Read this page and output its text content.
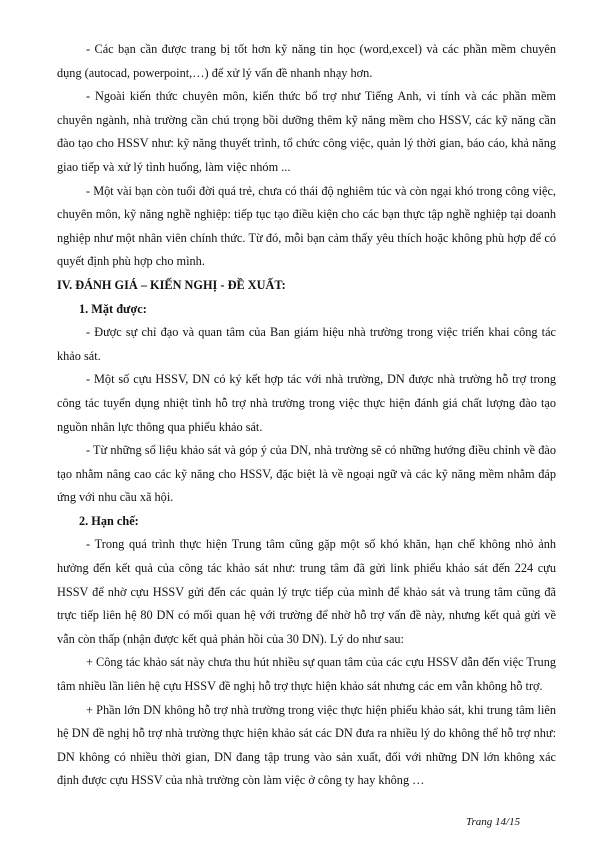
- Các bạn cần được trang bị tốt hơn kỹ năng tin học (word,excel) và các phần mềm chuyên dụng (autocad, powerpoint,…) để xử lý vấn đề nhanh nhạy hơn.

- Ngoài kiến thức chuyên môn, kiến thức bổ trợ như Tiếng Anh, vi tính và các phần mềm chuyên ngành, nhà trường cần chú trọng bồi dưỡng thêm kỹ năng mềm cho HSSV, các kỹ năng cần đào tạo cho HSSV như: kỹ năng thuyết trình, tổ chức công việc, quản lý thời gian, báo cáo, khả năng giao tiếp và xử lý tình huống, làm việc nhóm ...

- Một vài bạn còn tuổi đời quá trẻ, chưa có thái độ nghiêm túc và còn ngại khó trong công việc, chuyên môn, kỹ năng nghề nghiệp: tiếp tục tạo điều kiện cho các bạn thực tập nghề nghiệp tại doanh nghiệp như một nhân viên chính thức. Từ đó, mỗi bạn cảm thấy yêu thích hoặc không phù hợp để có quyết định phù hợp cho mình.

IV. ĐÁNH GIÁ – KIẾN NGHỊ - ĐỀ XUẤT:
1. Mặt được:

- Được sự chỉ đạo và quan tâm của Ban giám hiệu nhà trường trong việc triển khai công tác khảo sát.

- Một số cựu HSSV, DN có ký kết hợp tác với nhà trường, DN được nhà trường hỗ trợ trong công tác tuyển dụng nhiệt tình hỗ trợ nhà trường trong việc thực hiện đánh giá chất lượng đào tạo nguồn nhân lực thông qua phiếu khảo sát.

- Từ những số liệu khảo sát và góp ý của DN, nhà trường sẽ có những hướng điều chỉnh về đào tạo nhằm nâng cao các kỹ năng cho HSSV, đặc biệt là về ngoại ngữ và các kỹ năng mềm nhằm đáp ứng với nhu cầu xã hội.

2. Hạn chế:

- Trong quá trình thực hiện Trung tâm cũng gặp một số khó khăn, hạn chế không nhỏ ảnh hưởng đến kết quả của công tác khảo sát như: trung tâm đã gửi link phiếu khảo sát đến 224 cựu HSSV để nhờ cựu HSSV gửi đến các quản lý trực tiếp của mình để khảo sát và trung tâm cũng đã trực tiếp liên hệ 80 DN có mối quan hệ với trường để nhờ hỗ trợ vấn đề này, nhưng kết quả gửi về vẫn còn thấp (nhận được kết quả phản hồi của 30 DN). Lý do như sau:

+ Công tác khảo sát này chưa thu hút nhiều sự quan tâm của các cựu HSSV dẫn đến việc Trung tâm nhiều lần liên hệ cựu HSSV đề nghị hỗ trợ thực hiện khảo sát nhưng các em vẫn không hỗ trợ.

+ Phần lớn DN không hỗ trợ nhà trường trong việc thực hiện phiếu khảo sát, khi trung tâm liên hệ DN đề nghị hỗ trợ nhà trường thực hiện khảo sát các DN đưa ra nhiều lý do không thể hỗ trợ như: DN không có nhiều thời gian, DN đang tập trung vào sản xuất, đối với những DN lớn không xác định được cựu HSSV của nhà trường còn làm việc ở công ty hay không …

Trang 14/15
